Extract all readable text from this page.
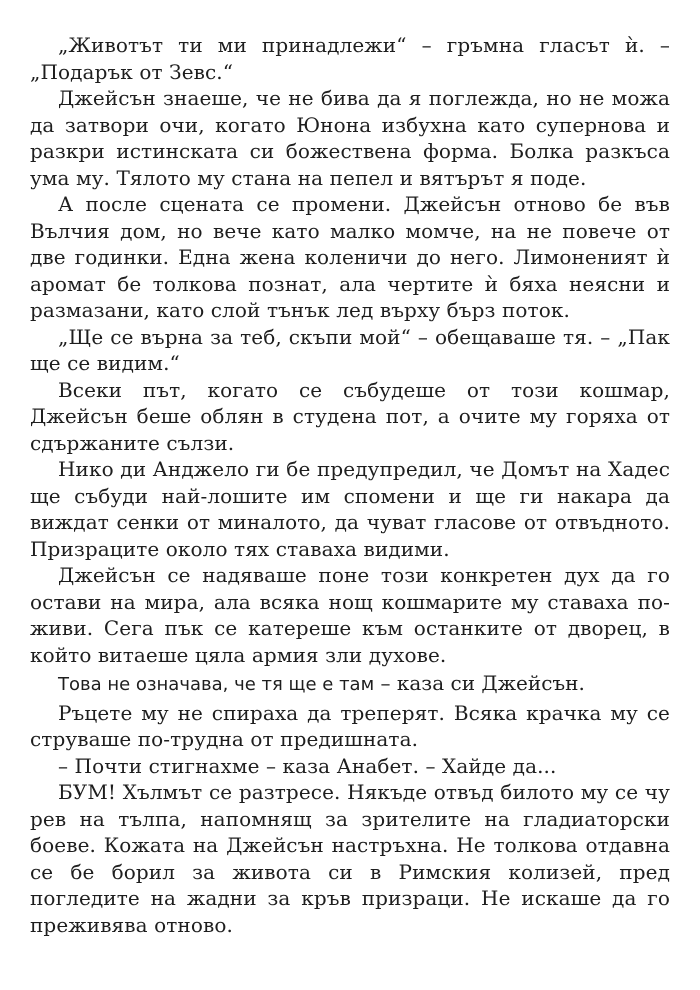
„Животът ти ми принадлежи“ – гръмна гласът ѝ. – „Подарък от Зевс.“

Джейсън знаеше, че не бива да я поглежда, но не можа да затвори очи, когато Юнона избухна като супернова и разкри истинската си божествена форма. Болка разкъса ума му. Тялото му стана на пепел и вятърът я поде.

А после сцената се промени. Джейсън отново бе във Вълчия дом, но вече като малко момче, на не повече от две годинки. Една жена коленичи до него. Лимоненият ѝ аромат бе толкова познат, ала чертите ѝ бяха неясни и размазани, като слой тънък лед върху бърз поток.

„Ще се върна за теб, скъпи мой“ – обещаваше тя. – „Пак ще се видим.“

Всеки път, когато се събудеше от този кошмар, Джейсън беше облян в студена пот, а очите му горяха от сдържаните сълзи.

Нико ди Анджело ги бе предупредил, че Домът на Хадес ще събуди най-лошите им спомени и ще ги накара да виждат сенки от миналото, да чуват гласове от отвъдното. Призраците около тях ставаха видими.

Джейсън се надяваше поне този конкретен дух да го остави на мира, ала всяка нощ кошмарите му ставаха по-живи. Сега пък се катереше към останките от дворец, в който витаеше цяла армия зли духове.

Това не означава, че тя ще е там – каза си Джейсън.

Ръцете му не спираха да треперят. Всяка крачка му се струваше по-трудна от предишната.

– Почти стигнахме – каза Анабет. – Хайде да...

БУМ! Хълмът се разтресе. Някъде отвъд билото му се чу рев на тълпа, напомнящ за зрителите на гладиаторски боеве. Кожата на Джейсън настръхна. Не толкова отдавна се бе борил за живота си в Римския колизей, пред погледите на жадни за кръв призраци. Не искаше да го преживява отново.
